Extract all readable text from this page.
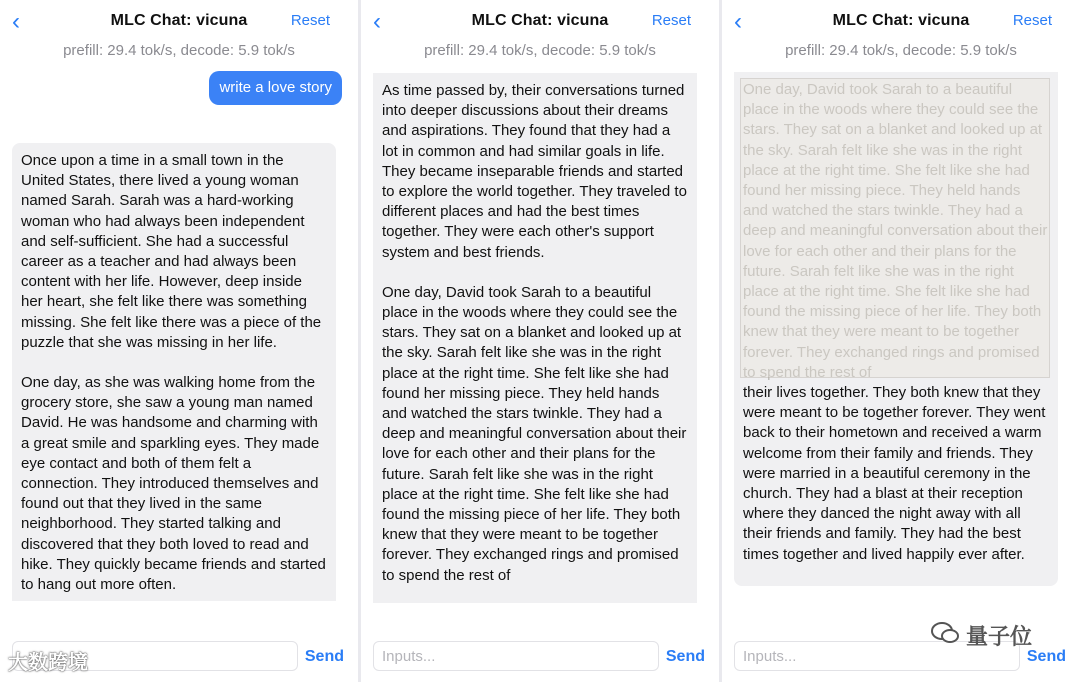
‹	MLC Chat: vicuna	Reset
prefill: 29.4 tok/s, decode: 5.9 tok/s
write a love story

Once upon a time in a small town in the United States, there lived a young woman named Sarah. Sarah was a hard-working woman who had always been independent and self-sufficient. She had a successful career as a teacher and had always been content with her life. However, deep inside her heart, she felt like there was something missing. She felt like there was a piece of the puzzle that she was missing in her life.

One day, as she was walking home from the grocery store, she saw a young man named David. He was handsome and charming with a great smile and sparkling eyes. They made eye contact and both of them felt a connection. They introduced themselves and found out that they lived in the same neighborhood. They started talking and discovered that they both loved to read and hike. They quickly became friends and started to hang out more often.

Send
‹	MLC Chat: vicuna	Reset
prefill: 29.4 tok/s, decode: 5.9 tok/s

As time passed by, their conversations turned into deeper discussions about their dreams and aspirations. They found that they had a lot in common and had similar goals in life. They became inseparable friends and started to explore the world together. They traveled to different places and had the best times together. They were each other's support system and best friends.

One day, David took Sarah to a beautiful place in the woods where they could see the stars. They sat on a blanket and looked up at the sky. Sarah felt like she was in the right place at the right time. She felt like she had found her missing piece. They held hands and watched the stars twinkle. They had a deep and meaningful conversation about their love for each other and their plans for the future. Sarah felt like she was in the right place at the right time. She felt like she had found the missing piece of her life. They both knew that they were meant to be together forever. They exchanged rings and promised to spend the rest of

Inputs...	Send
‹	MLC Chat: vicuna	Reset
prefill: 29.4 tok/s, decode: 5.9 tok/s

One day, David took Sarah to a beautiful place in the woods where they could see the stars. They sat on a blanket and looked up at the sky. Sarah felt like she was in the right place at the right time. She felt like she had found her missing piece. They held hands and watched the stars twinkle. They had a deep and meaningful conversation about their love for each other and their plans for the future. Sarah felt like she was in the right place at the right time. She felt like she had found the missing piece of her life. They both knew that they were meant to be together forever. They exchanged rings and promised to spend the rest of

their lives together. They both knew that they were meant to be together forever. They went back to their hometown and received a warm welcome from their family and friends. They were married in a beautiful ceremony in the church. They had a blast at their reception where they danced the night away with all their friends and family. They had the best times together and lived happily ever after.

Inputs...	Send
大数跨境
量子位
